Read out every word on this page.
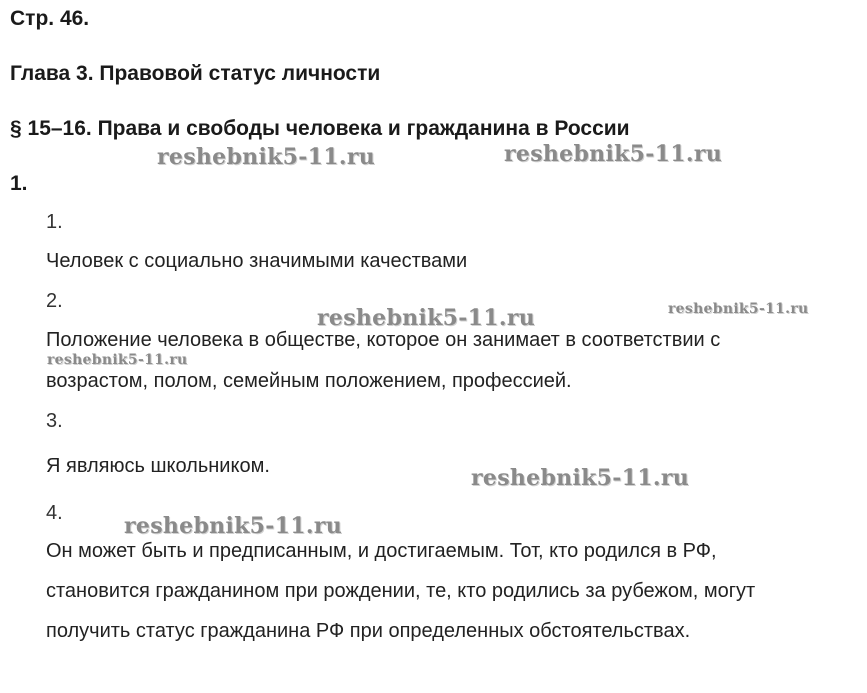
Стр. 46.
Глава 3. Правовой статус личности
§ 15–16. Права и свободы человека и гражданина в России
1.
1.
Человек с социально значимыми качествами
2.
Положение человека в обществе, которое он занимает в соответствии с
возрастом, полом, семейным положением, профессией.
3.
Я являюсь школьником.
4.
Он может быть и предписанным, и достигаемым. Тот, кто родился в РФ,
становится гражданином при рождении, те, кто родились за рубежом, могут
получить статус гражданина РФ при определенных обстоятельствах.
reshebnik5-11.ru	reshebnik5-11.ru
reshebnik5-11.ru	reshebnik5-11.ru
reshebnik5-11.ru
reshebnik5-11.ru
reshebnik5-11.ru
